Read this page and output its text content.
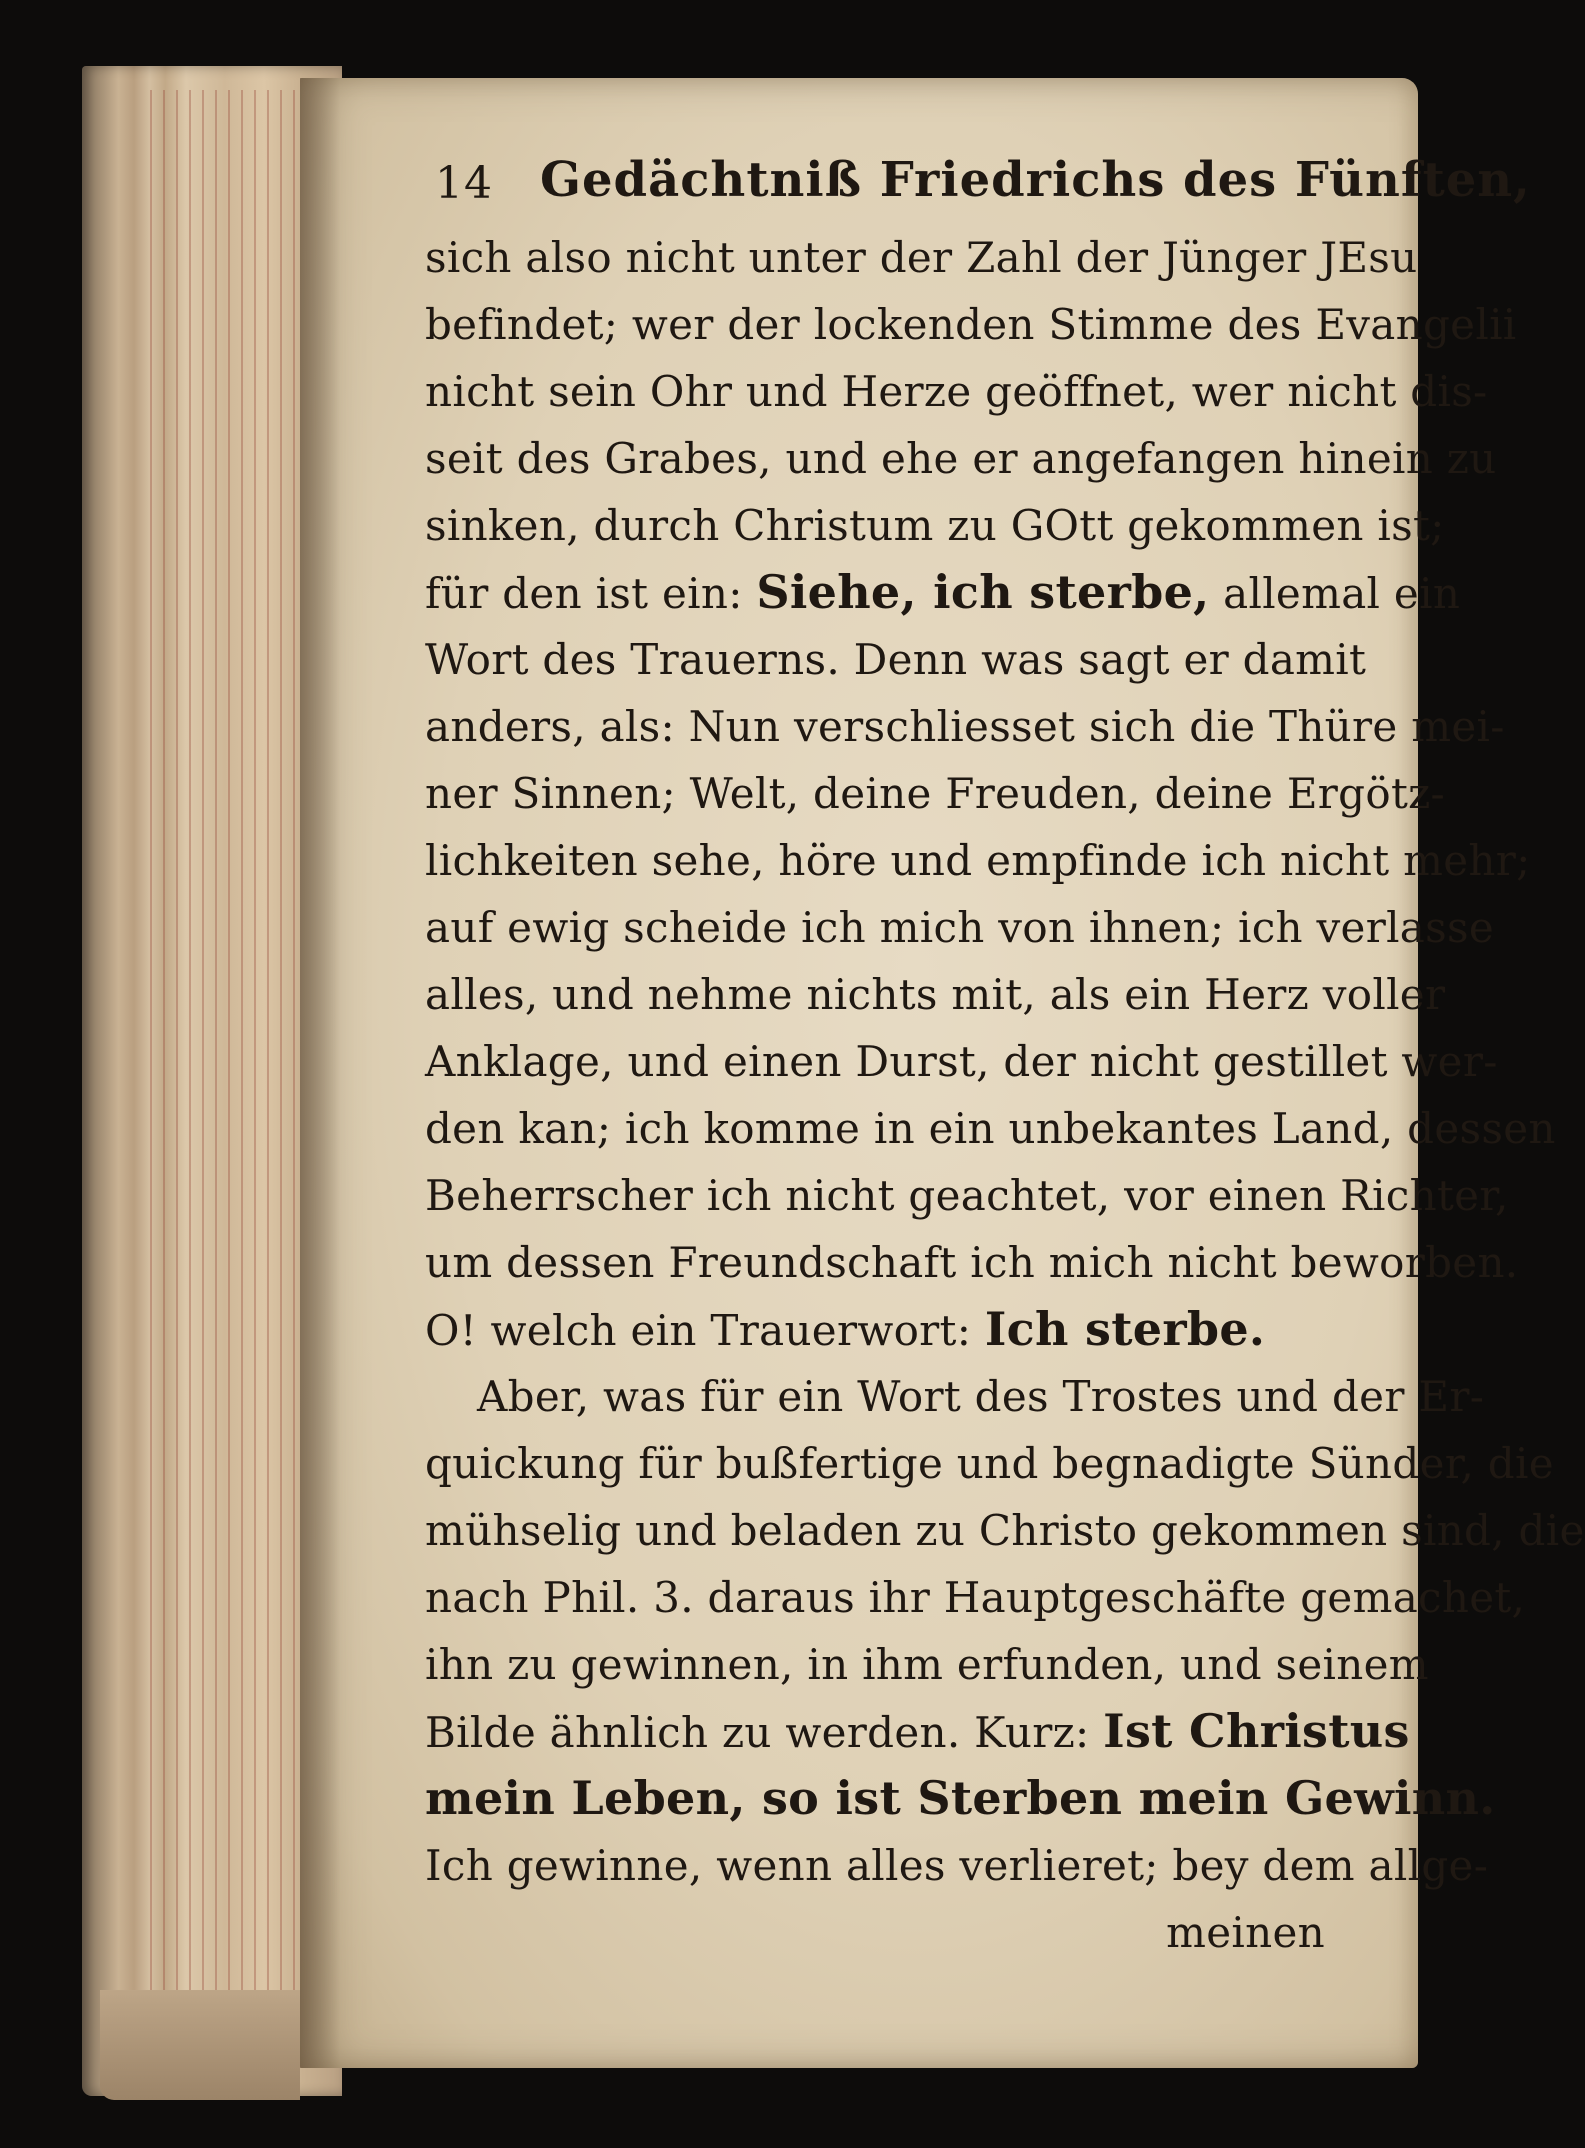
14 Gedächtniß Friedrichs des Fünften,
sich also nicht unter der Zahl der Jünger JEsu
befindet; wer der lockenden Stimme des Evangelii
nicht sein Ohr und Herze geöffnet, wer nicht dis-
seit des Grabes, und ehe er angefangen hinein zu
sinken, durch Christum zu GOtt gekommen ist;
für den ist ein: Siehe, ich sterbe, allemal ein
Wort des Trauerns. Denn was sagt er damit
anders, als: Nun verschliesset sich die Thüre mei-
ner Sinnen; Welt, deine Freuden, deine Ergötz-
lichkeiten sehe, höre und empfinde ich nicht mehr;
auf ewig scheide ich mich von ihnen; ich verlasse
alles, und nehme nichts mit, als ein Herz voller
Anklage, und einen Durst, der nicht gestillet wer-
den kan; ich komme in ein unbekantes Land, dessen
Beherrscher ich nicht geachtet, vor einen Richter,
um dessen Freundschaft ich mich nicht beworben.
O! welch ein Trauerwort: Ich sterbe.
Aber, was für ein Wort des Trostes und der Er-
quickung für bußfertige und begnadigte Sünder, die
mühselig und beladen zu Christo gekommen sind, die
nach Phil. 3. daraus ihr Hauptgeschäfte gemachet,
ihn zu gewinnen, in ihm erfunden, und seinem
Bilde ähnlich zu werden. Kurz: Ist Christus
mein Leben, so ist Sterben mein Gewinn.
Ich gewinne, wenn alles verlieret; bey dem allge-
meinen
